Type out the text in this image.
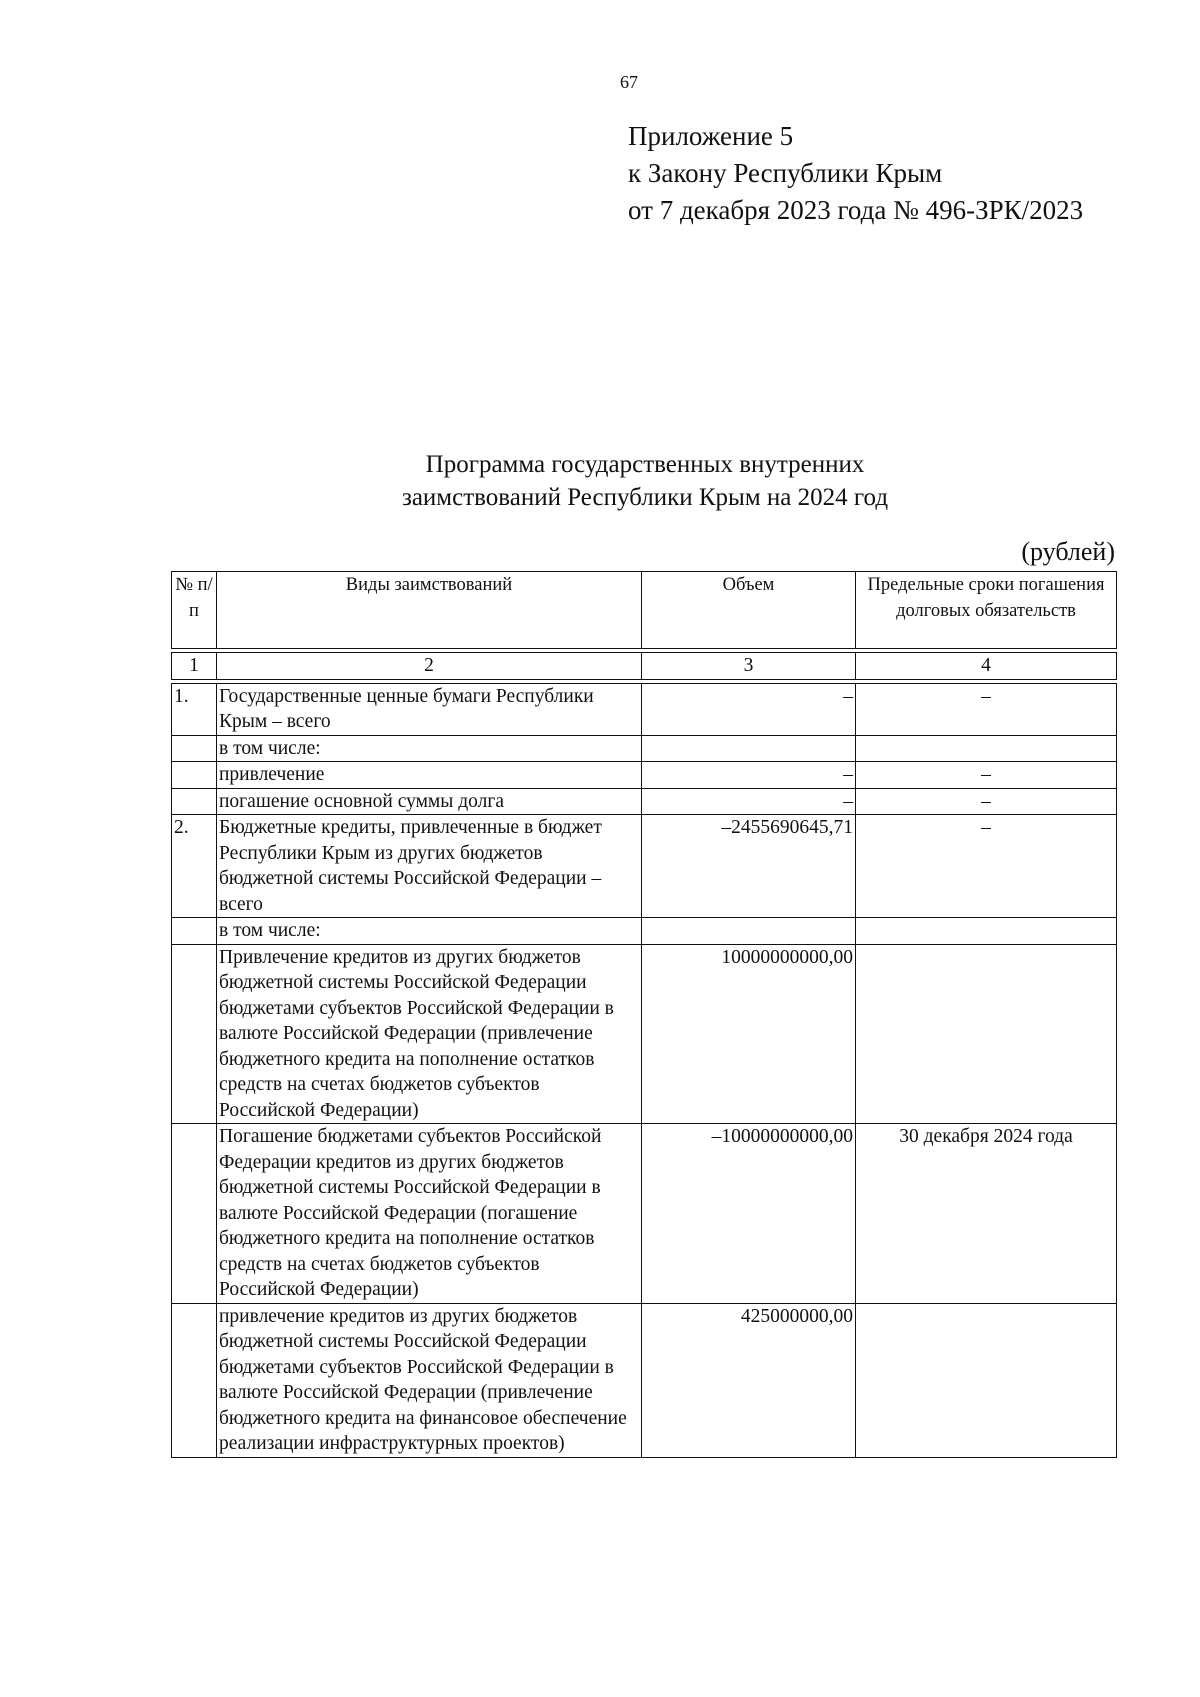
67
Приложение 5
к Закону Республики Крым
от 7 декабря 2023 года № 496-ЗРК/2023
Программа государственных внутренних
заимствований Республики Крым на 2024 год
(рублей)
№ п/п	Виды заимствований	Объем	Предельные сроки погашения долговых обязательств

1	2	3	4

1.	Государственные ценные бумаги Республики Крым – всего	–	–
	в том числе:		
	привлечение	–	–
	погашение основной суммы долга	–	–
2.	Бюджетные кредиты, привлеченные в бюджет Республики Крым из других бюджетов бюджетной системы Российской Федерации – всего	–2455690645,71	–
	в том числе:		
	Привлечение кредитов из других бюджетов бюджетной системы Российской Федерации бюджетами субъектов Российской Федерации в валюте Российской Федерации (привлечение бюджетного кредита на пополнение остатков средств на счетах бюджетов субъектов Российской Федерации)	10000000000,00	
	Погашение бюджетами субъектов Российской Федерации кредитов из других бюджетов бюджетной системы Российской Федерации в валюте Российской Федерации (погашение бюджетного кредита на пополнение остатков средств на счетах бюджетов субъектов Российской Федерации)	–10000000000,00	30 декабря 2024 года
	привлечение кредитов из других бюджетов бюджетной системы Российской Федерации бюджетами субъектов Российской Федерации в валюте Российской Федерации (привлечение бюджетного кредита на финансовое обеспечение реализации инфраструктурных проектов)	425000000,00	
